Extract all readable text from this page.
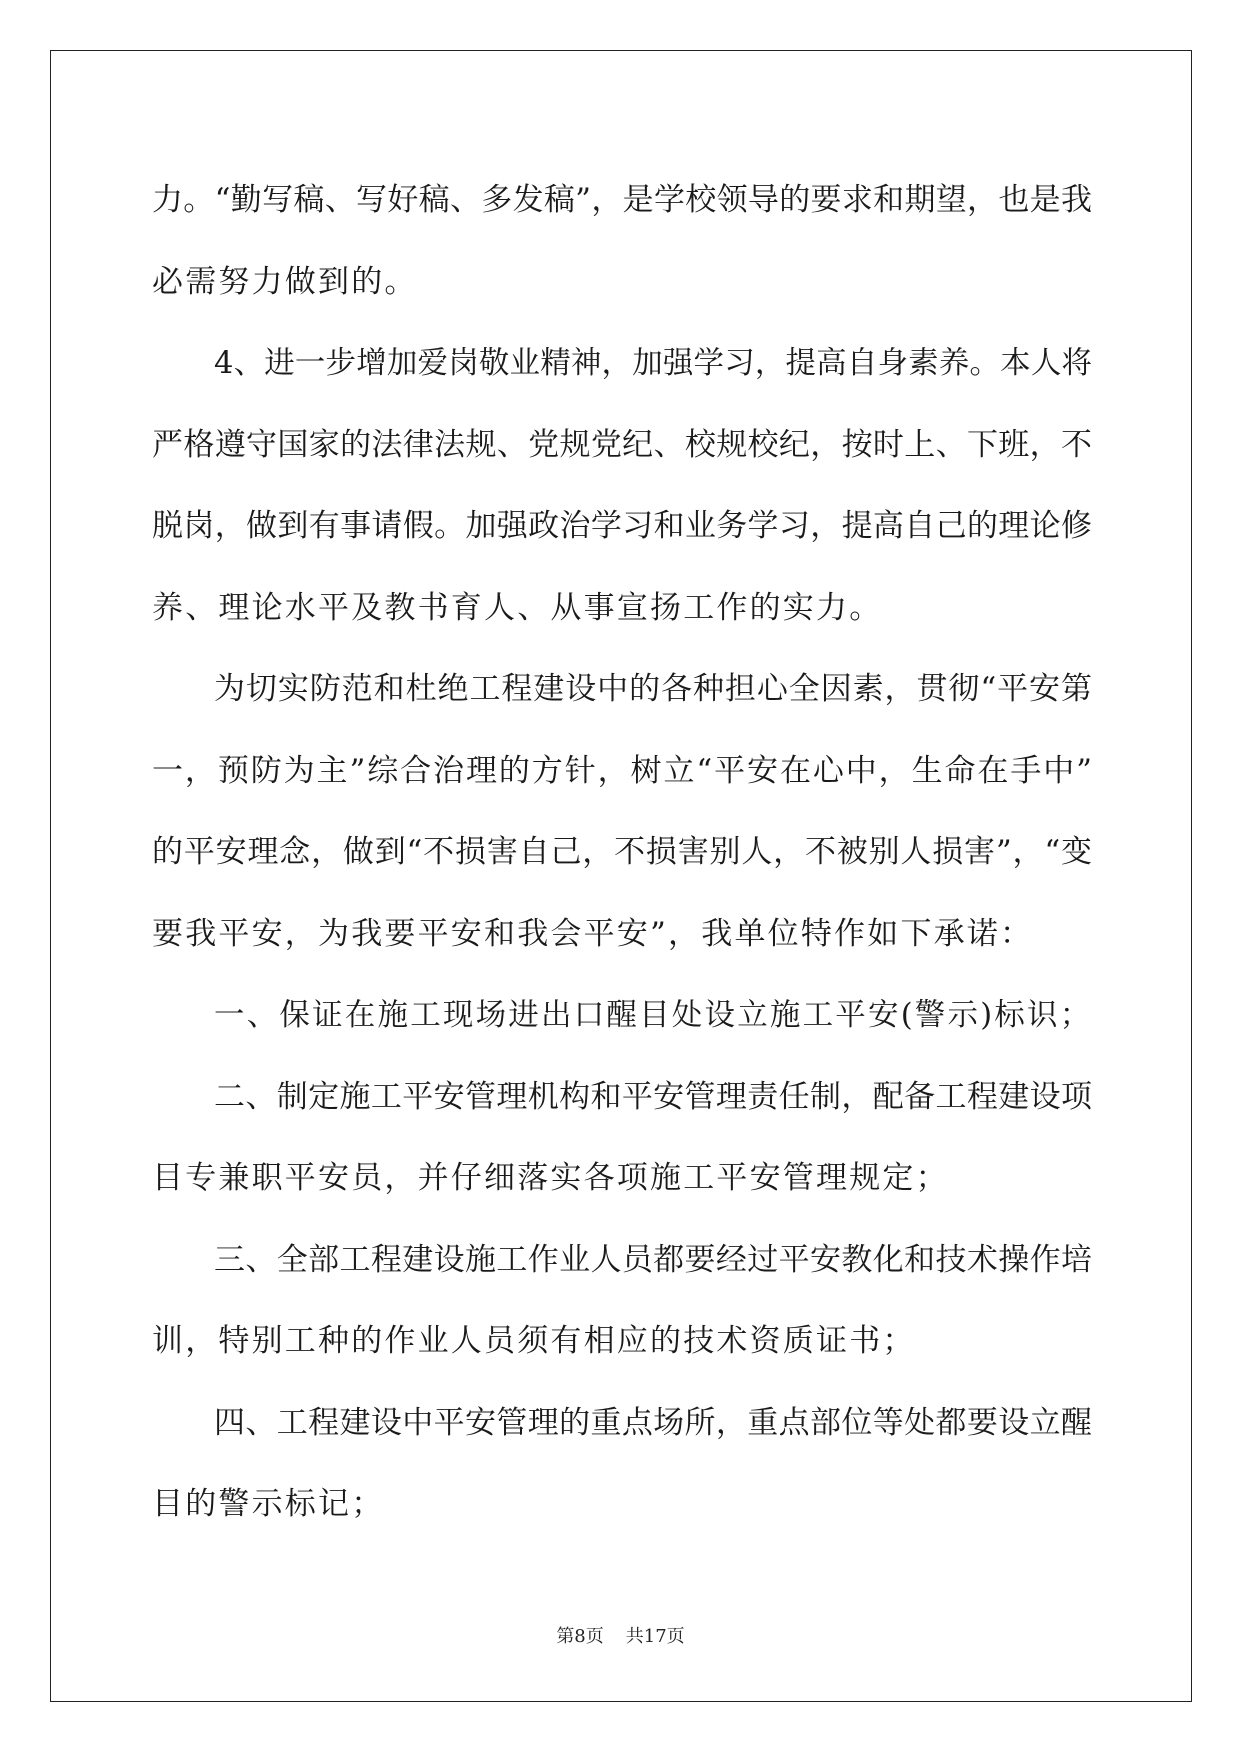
力。“勤写稿、写好稿、多发稿”，是学校领导的要求和期望，也是我
必需努力做到的。
4、进一步增加爱岗敬业精神，加强学习，提高自身素养。本人将
严格遵守国家的法律法规、党规党纪、校规校纪，按时上、下班，不
脱岗，做到有事请假。加强政治学习和业务学习，提高自己的理论修
养、理论水平及教书育人、从事宣扬工作的实力。
为切实防范和杜绝工程建设中的各种担心全因素，贯彻“平安第
一，预防为主”综合治理的方针，树立“平安在心中，生命在手中”
的平安理念，做到“不损害自己，不损害别人，不被别人损害”，“变
要我平安，为我要平安和我会平安”，我单位特作如下承诺：
一、保证在施工现场进出口醒目处设立施工平安(警示)标识；
二、制定施工平安管理机构和平安管理责任制，配备工程建设项
目专兼职平安员，并仔细落实各项施工平安管理规定；
三、全部工程建设施工作业人员都要经过平安教化和技术操作培
训，特别工种的作业人员须有相应的技术资质证书；
四、工程建设中平安管理的重点场所，重点部位等处都要设立醒
目的警示标记；
第8页 共17页
